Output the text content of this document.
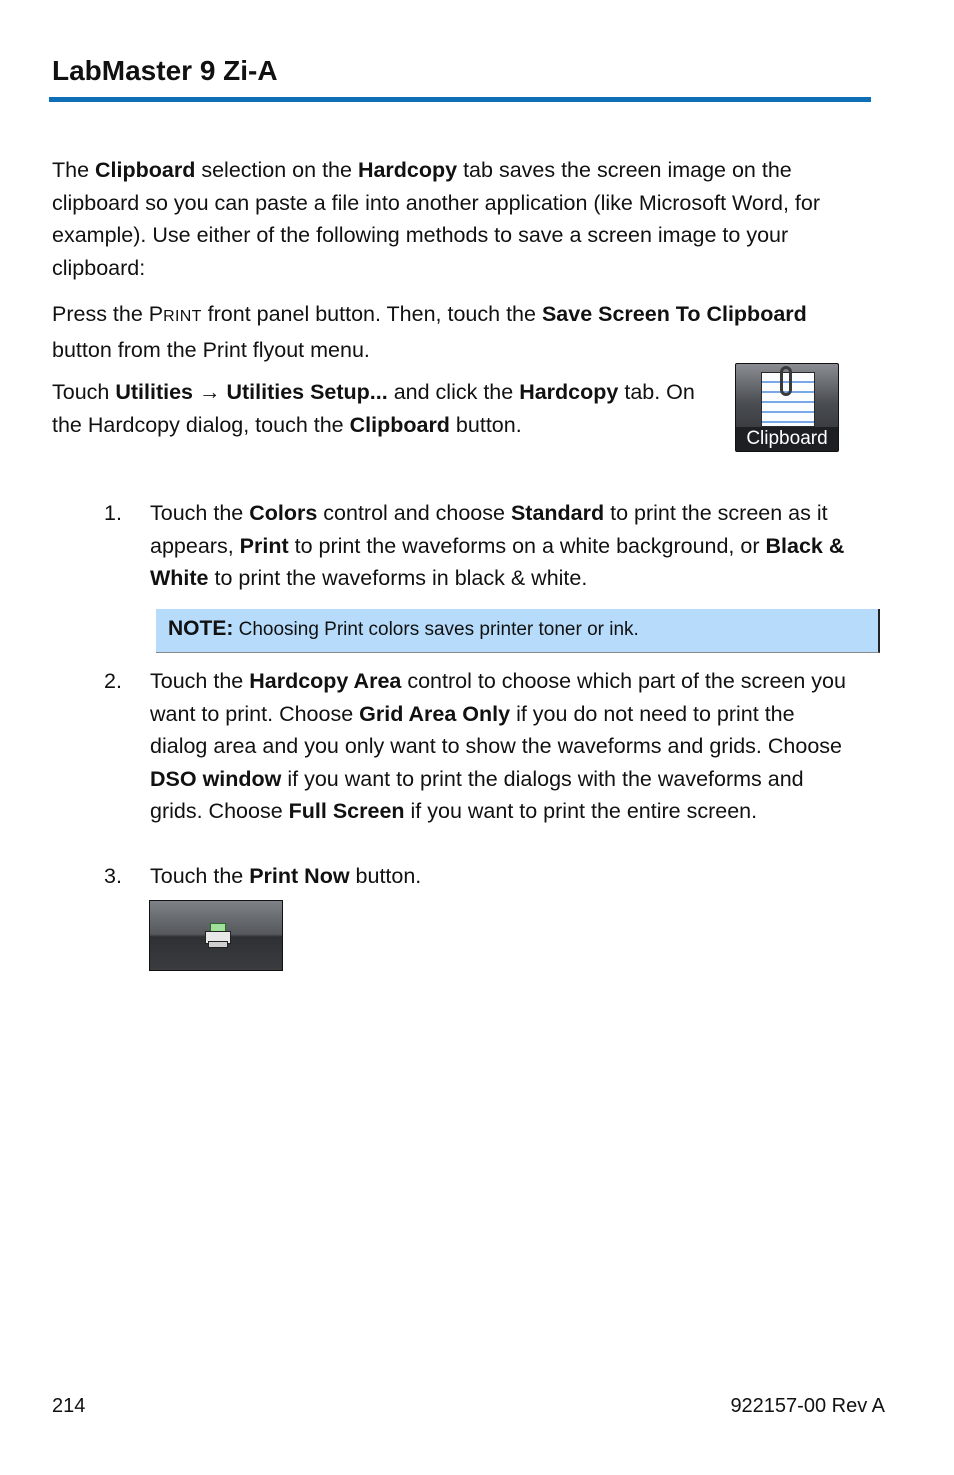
LabMaster 9 Zi-A

The Clipboard selection on the Hardcopy tab saves the screen image on the clipboard so you can paste a file into another application (like Microsoft Word, for example). Use either of the following methods to save a screen image to your clipboard:

Press the PRINT front panel button. Then, touch the Save Screen To Clipboard button from the Print flyout menu.

Touch Utilities → Utilities Setup... and click the Hardcopy tab. On the Hardcopy dialog, touch the Clipboard button.

Clipboard
1. Touch the Colors control and choose Standard to print the screen as it appears, Print to print the waveforms on a white background, or Black & White to print the waveforms in black & white.

NOTE: Choosing Print colors saves printer toner or ink.
2. Touch the Hardcopy Area control to choose which part of the screen you want to print. Choose Grid Area Only if you do not need to print the dialog area and you only want to show the waveforms and grids. Choose DSO window if you want to print the dialogs with the waveforms and grids. Choose Full Screen if you want to print the entire screen.

3. Touch the Print Now button.

214	922157-00 Rev A
